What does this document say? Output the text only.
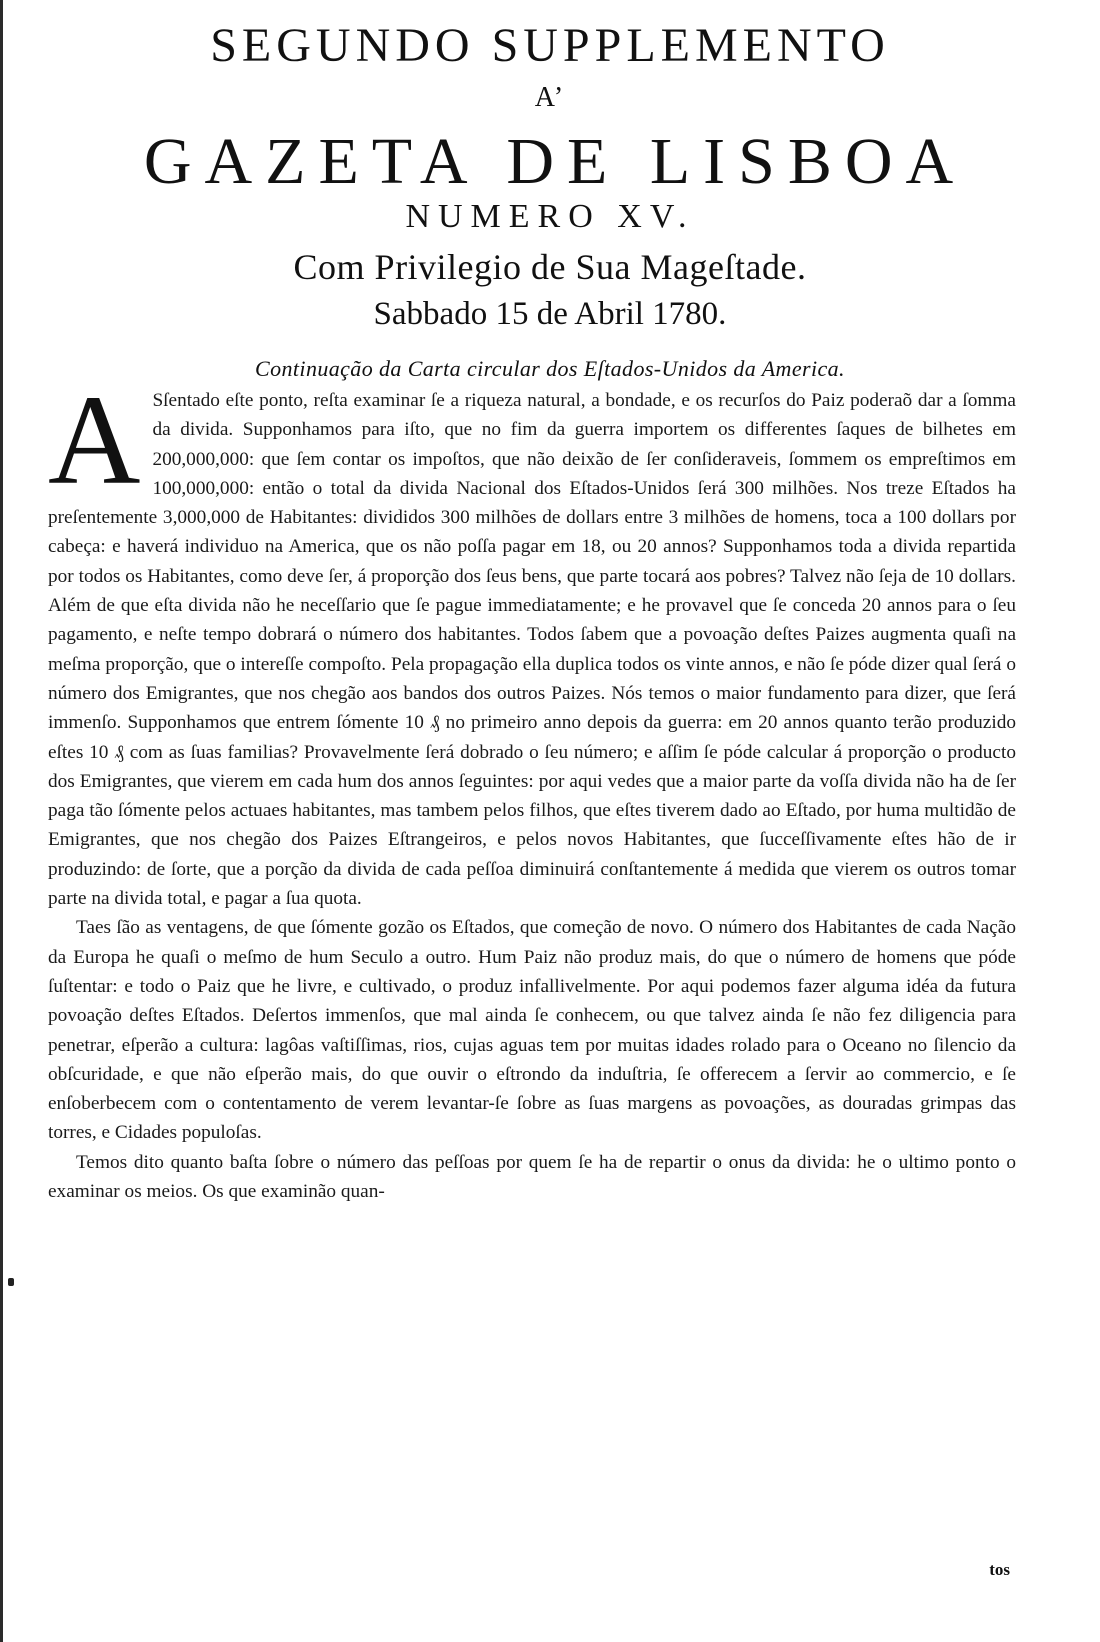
SEGUNDO SUPPLEMENTO
A’
GAZETA DE LISBOA
NUMERO XV.
Com Privilegio de Sua Mageſtade.
Sabbado 15 de Abril 1780.
Continuação da Carta circular dos Eſtados-Unidos da America.

A Sſentado eſte ponto, reſta examinar ſe a riqueza natural, a bondade, e os recurſos do Paiz poderaõ dar a ſomma da divida. Supponhamos para iſto, que no fim da guerra importem os differentes ſaques de bilhetes em 200,000,000: que ſem contar os impoſtos, que não deixão de ſer conſideraveis, ſommem os empreſtimos em 100,000,000: então o total da divida Nacional dos Eſtados-Unidos ſerá 300 milhões. Nos treze Eſtados ha preſentemente 3,000,000 de Habitantes: divididos 300 milhões de dollars entre 3 milhões de homens, toca a 100 dollars por cabeça: e haverá individuo na America, que os não poſſa pagar em 18, ou 20 annos? Supponhamos toda a divida repartida por todos os Habitantes, como deve ſer, á proporção dos ſeus bens, que parte tocará aos pobres? Talvez não ſeja de 10 dollars. Além de que eſta divida não he neceſſario que ſe pague immediatamente; e he provavel que ſe conceda 20 annos para o ſeu pagamento, e neſte tempo dobrará o número dos habitantes. Todos ſabem que a povoação deſtes Paizes augmenta quaſi na meſma proporção, que o intereſſe compoſto. Pela propagação ella duplica todos os vinte annos, e não ſe póde dizer qual ſerá o número dos Emigrantes, que nos chegão aos bandos dos outros Paizes. Nós temos o maior fundamento para dizer, que ſerá immenſo. Supponhamos que entrem ſómente 10 ₰ no primeiro anno depois da guerra: em 20 annos quanto terão produzido eſtes 10 ₰ com as ſuas familias? Provavelmente ſerá dobrado o ſeu número; e aſſim ſe póde calcular á proporção o producto dos Emigrantes, que vierem em cada hum dos annos ſeguintes: por aqui vedes que a maior parte da voſſa divida não ha de ſer paga tão ſómente pelos actuaes habitantes, mas tambem pelos filhos, que eſtes tiverem dado ao Eſtado, por huma multidão de Emigrantes, que nos chegão dos Paizes Eſtrangeiros, e pelos novos Habitantes, que ſucceſſivamente eſtes hão de ir produzindo: de ſorte, que a porção da divida de cada peſſoa diminuirá conſtantemente á medida que vierem os outros tomar parte na divida total, e pagar a ſua quota.

Taes ſão as ventagens, de que ſómente gozão os Eſtados, que começão de novo. O número dos Habitantes de cada Nação da Europa he quaſi o meſmo de hum Seculo a outro. Hum Paiz não produz mais, do que o número de homens que póde ſuſtentar: e todo o Paiz que he livre, e cultivado, o produz infallivelmente. Por aqui podemos fazer alguma idéa da futura povoação deſtes Eſtados. Deſertos immenſos, que mal ainda ſe conhecem, ou que talvez ainda ſe não fez diligencia para penetrar, eſperão a cultura: lagôas vaſtiſſimas, rios, cujas aguas tem por muitas idades rolado para o Oceano no ſilencio da obſcuridade, e que não eſperão mais, do que ouvir o eſtrondo da induſtria, ſe offerecem a ſervir ao commercio, e ſe enſoberbecem com o contentamento de verem levantar-ſe ſobre as ſuas margens as povoações, as douradas grimpas das torres, e Cidades populoſas.

Temos dito quanto baſta ſobre o número das peſſoas por quem ſe ha de repartir o onus da divida: he o ultimo ponto o examinar os meios. Os que examinão quan-

tos
